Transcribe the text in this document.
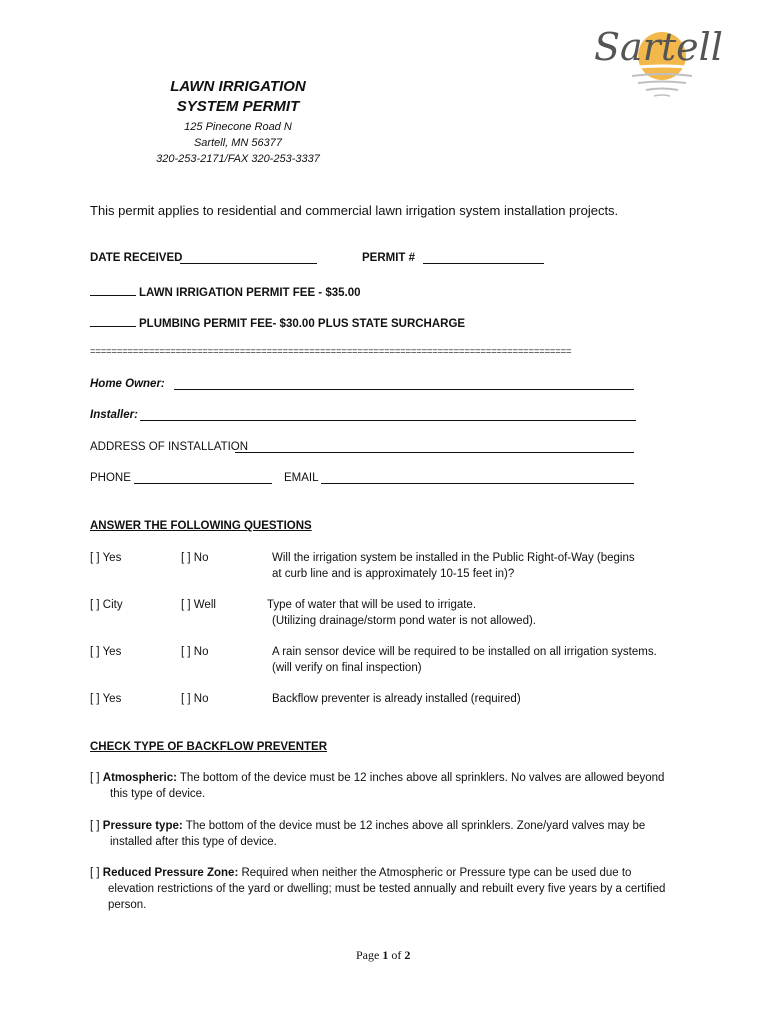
Sartell
LAWN IRRIGATION
SYSTEM PERMIT
125 Pinecone Road N
Sartell, MN 56377
320-253-2171/FAX 320-253-3337
This permit applies to residential and commercial lawn irrigation system installation projects.
DATE RECEIVED	PERMIT #
LAWN IRRIGATION PERMIT FEE - $35.00
PLUMBING PERMIT FEE- $30.00 PLUS STATE SURCHARGE
==========================================================================================
Home Owner:
Installer:
ADDRESS OF INSTALLATION
PHONE	EMAIL
ANSWER THE FOLLOWING QUESTIONS
[ ] Yes	[ ] No	Will the irrigation system be installed in the Public Right-of-Way (begins
at curb line and is approximately 10-15 feet in)?
[ ] City	[ ] Well	Type of water that will be used to irrigate.
(Utilizing drainage/storm pond water is not allowed).
[ ] Yes	[ ] No	A rain sensor device will be required to be installed on all irrigation systems.
(will verify on final inspection)
[ ] Yes	[ ] No	Backflow preventer is already installed (required)
CHECK TYPE OF BACKFLOW PREVENTER
[ ] Atmospheric: The bottom of the device must be 12 inches above all sprinklers. No valves are allowed beyond
this type of device.
[ ] Pressure type: The bottom of the device must be 12 inches above all sprinklers. Zone/yard valves may be
installed after this type of device.
[ ] Reduced Pressure Zone: Required when neither the Atmospheric or Pressure type can be used due to
elevation restrictions of the yard or dwelling; must be tested annually and rebuilt every five years by a certified
person.
Page 1 of 2
